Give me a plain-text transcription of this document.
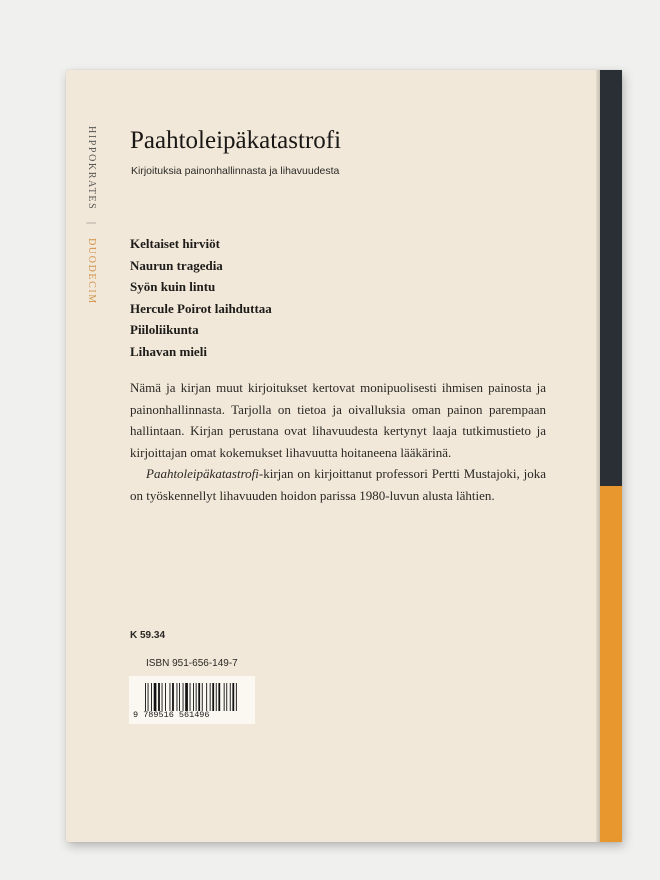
HIPPOKRATES | DUODECIM
Paahtoleipäkatastrofi
Kirjoituksia painonhallinnasta ja lihavuudesta
Keltaiset hirviöt
Naurun tragedia
Syön kuin lintu
Hercule Poirot laihduttaa
Piiloliikunta
Lihavan mieli

Nämä ja kirjan muut kirjoitukset kertovat monipuolisesti ihmisen painosta ja painonhallinnasta. Tarjolla on tietoa ja oivalluksia oman painon parempaan hallintaan. Kirjan perustana ovat lihavuudesta kertynyt laaja tutkimustieto ja kirjoittajan omat kokemukset lihavuutta hoitaneena lääkärinä.

Paahtoleipäkatastrofi-kirjan on kirjoittanut professori Pertti Mustajoki, joka on työskennellyt lihavuuden hoidon parissa 1980-luvun alusta lähtien.

K 59.34
ISBN 951-656-149-7
9 789516 561496
